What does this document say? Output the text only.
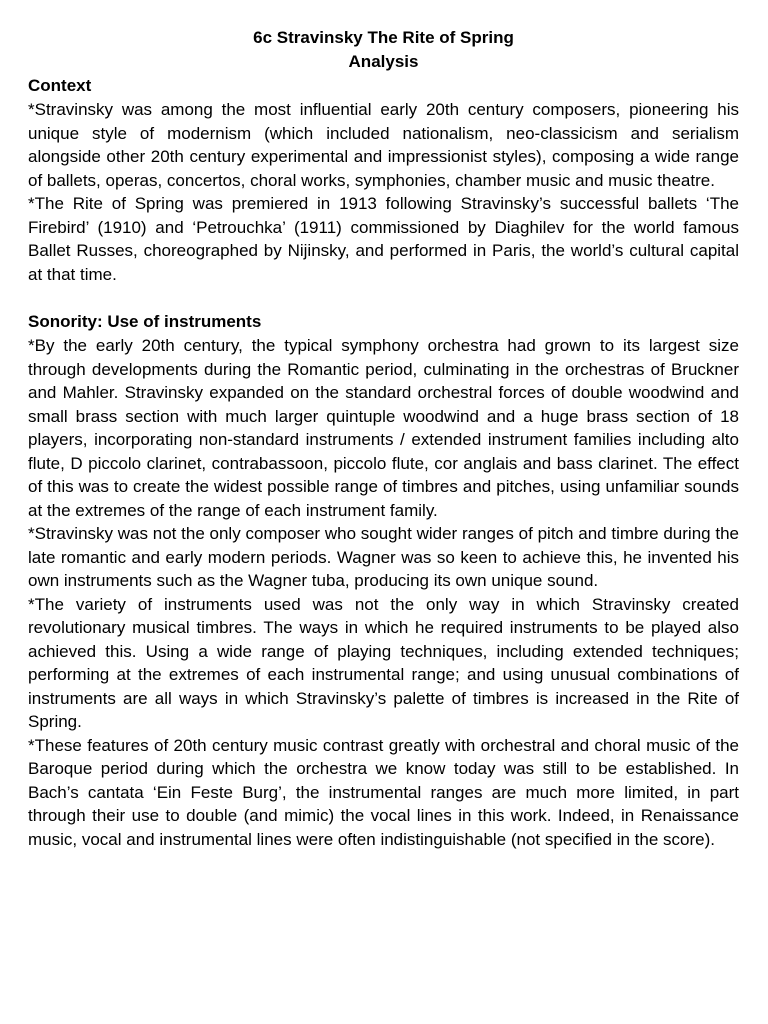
6c Stravinsky The Rite of Spring

Analysis

Context

*Stravinsky was among the most influential early 20th century composers, pioneering his unique style of modernism (which included nationalism, neo-classicism and serialism alongside other 20th century experimental and impressionist styles), composing a wide range of ballets, operas, concertos, choral works, symphonies, chamber music and music theatre.

*The Rite of Spring was premiered in 1913 following Stravinsky’s successful ballets ‘The Firebird’ (1910) and ‘Petrouchka’ (1911) commissioned by Diaghilev for the world famous Ballet Russes, choreographed by Nijinsky, and performed in Paris, the world’s cultural capital at that time.

Sonority: Use of instruments

*By the early 20th century, the typical symphony orchestra had grown to its largest size through developments during the Romantic period, culminating in the orchestras of Bruckner and Mahler. Stravinsky expanded on the standard orchestral forces of double woodwind and small brass section with much larger quintuple woodwind and a huge brass section of 18 players, incorporating non-standard instruments / extended instrument families including alto flute, D piccolo clarinet, contrabassoon, piccolo flute, cor anglais and bass clarinet. The effect of this was to create the widest possible range of timbres and pitches, using unfamiliar sounds at the extremes of the range of each instrument family.

*Stravinsky was not the only composer who sought wider ranges of pitch and timbre during the late romantic and early modern periods. Wagner was so keen to achieve this, he invented his own instruments such as the Wagner tuba, producing its own unique sound.

*The variety of instruments used was not the only way in which Stravinsky created revolutionary musical timbres. The ways in which he required instruments to be played also achieved this. Using a wide range of playing techniques, including extended techniques; performing at the extremes of each instrumental range; and using unusual combinations of instruments are all ways in which Stravinsky’s palette of timbres is increased in the Rite of Spring.

*These features of 20th century music contrast greatly with orchestral and choral music of the Baroque period during which the orchestra we know today was still to be established. In Bach’s cantata ‘Ein Feste Burg’, the instrumental ranges are much more limited, in part through their use to double (and mimic) the vocal lines in this work. Indeed, in Renaissance music, vocal and instrumental lines were often indistinguishable (not specified in the score).
